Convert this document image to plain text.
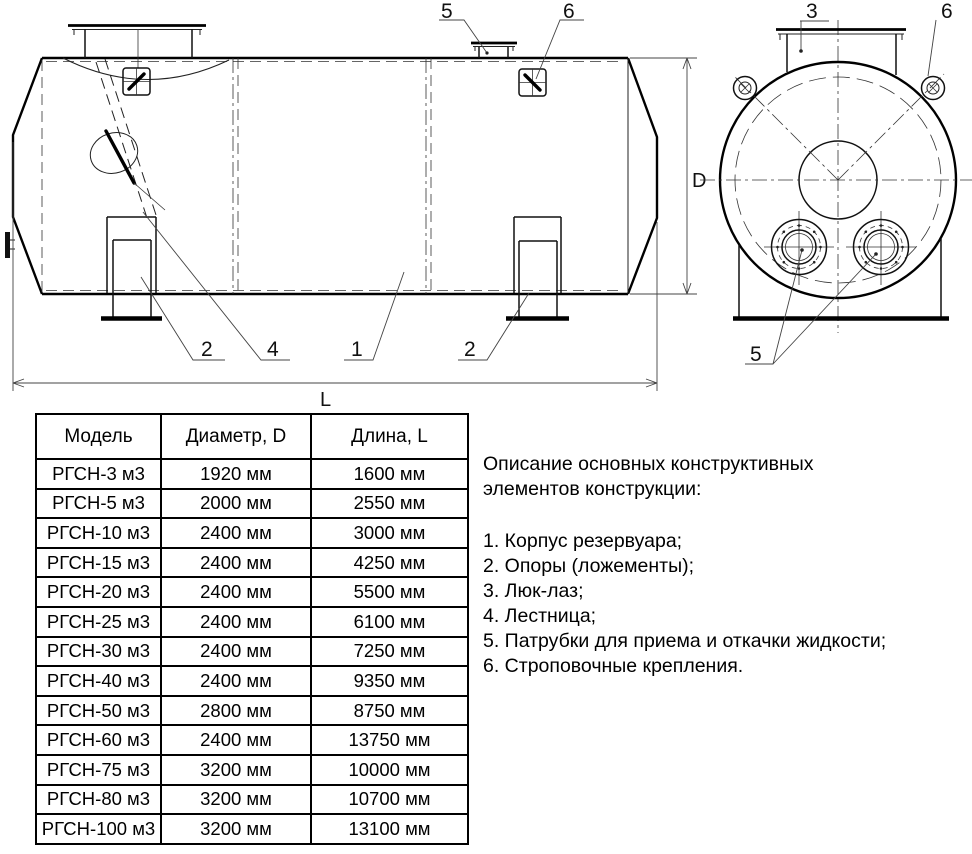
L
D
2	4	1	2
5	6	3	6
5
Модель	Диаметр, D	Длина, L
РГСН-3 м3	1920 мм	1600 мм
РГСН-5 м3	2000 мм	2550 мм
РГСН-10 м3	2400 мм	3000 мм
РГСН-15 м3	2400 мм	4250 мм
РГСН-20 м3	2400 мм	5500 мм
РГСН-25 м3	2400 мм	6100 мм
РГСН-30 м3	2400 мм	7250 мм
РГСН-40 м3	2400 мм	9350 мм
РГСН-50 м3	2800 мм	8750 мм
РГСН-60 м3	2400 мм	13750 мм
РГСН-75 м3	3200 мм	10000 мм
РГСН-80 м3	3200 мм	10700 мм
РГСН-100 м3	3200 мм	13100 мм
Описание основных конструктивных элементов конструкции:
1. Корпус резервуара;
2. Опоры (ложементы);
3. Люк-лаз;
4. Лестница;
5. Патрубки для приема и откачки жидкости;
6. Строповочные крепления.
